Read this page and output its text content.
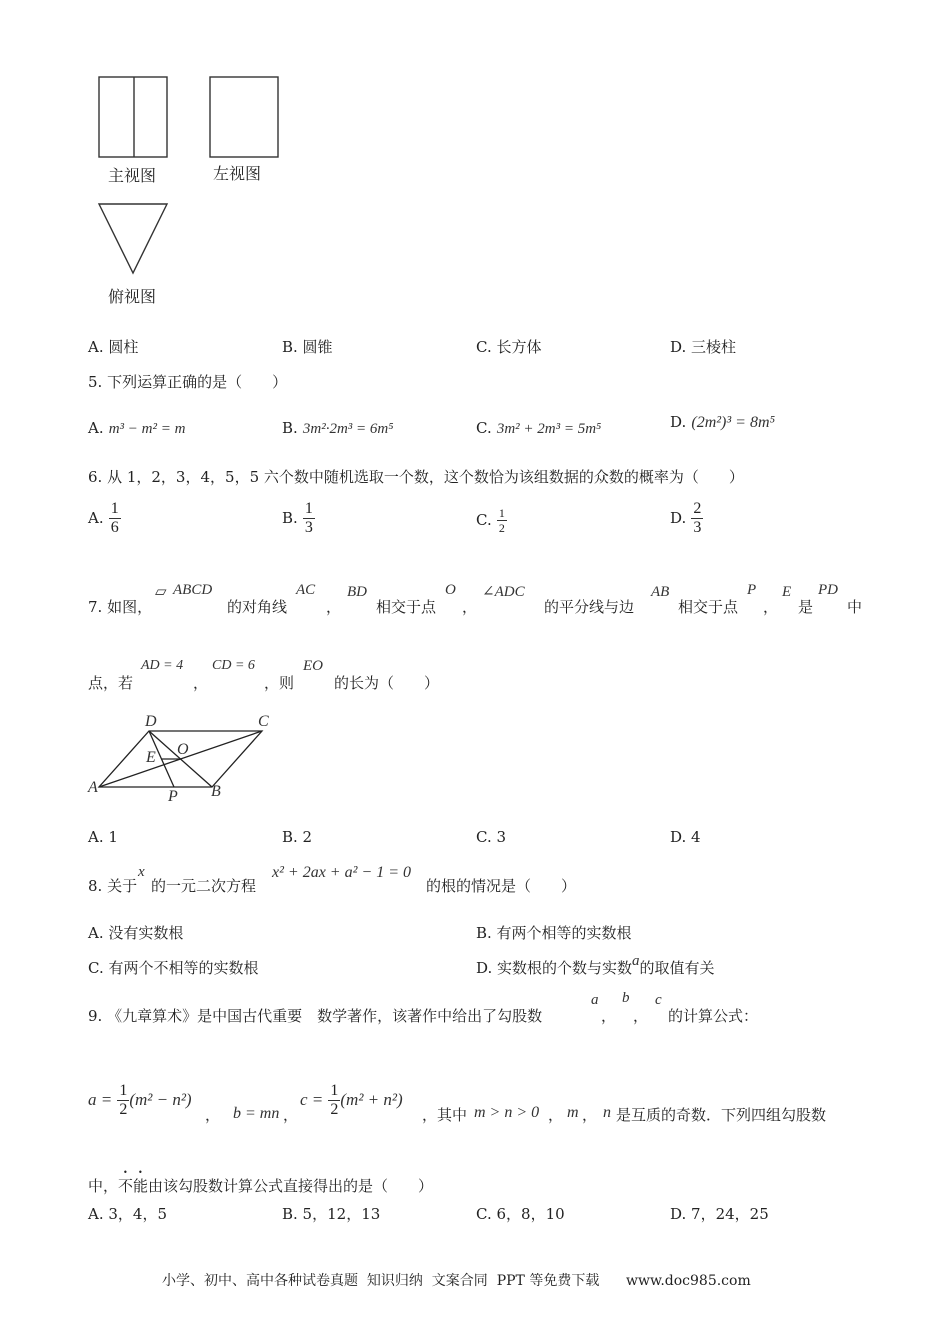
主视图	左视图
俯视图
A. 圆柱	B. 圆锥	C. 长方体	D. 三棱柱
5. 下列运算正确的是（　　）
A. m³ − m² = m	B. 3m²·2m³ = 6m⁵	C. 3m² + 2m³ = 5m⁵	D. (2m²)³ = 8m⁵
6. 从 1，2，3，4，5，5 六个数中随机选取一个数，这个数恰为该组数据的众数的概率为（　　）
A. $\frac{1}{6}$	B. $\frac{1}{3}$	C. $\frac{1}{2}$	D. $\frac{2}{3}$
7. 如图，
▱ ABCD
的对角线
AC
，
BD
相交于点
O
，
∠ADC
的平分线与边
AB
相交于点
P
，
E
是
PD
中
点，若
AD = 4
，
CD = 6
，则
EO
的长为（　　）
D	C
O
E
A
P B
A. 1	B. 2	C. 3	D. 4
8. 关于
x
的一元二次方程
x² + 2ax + a² − 1 = 0
的根的情况是（　　）
A. 没有实数根	B. 有两个相等的实数根
C. 有两个不相等的实数根	D. 实数根的个数与实数a的取值有关
9. 《九章算术》是中国古代重要　数学著作，该著作中给出了勾股数
a
，
b
，
c
的计算公式：
$a = \frac{1}{2} (m^2 - n^2)$
， b = mn ，
$c = \frac{1}{2} (m^2 + n^2)$
，其中 m > n > 0 ， m ， n 是互质的奇数．下列四组勾股数
中，不能由该勾股数计算公式直接得出的是（　　）
A. 3，4，5	B. 5，12，13	C. 6，8，10	D. 7，24，25
小学、初中、高中各种试卷真题  知识归纳  文案合同  PPT 等免费下载      www.doc985.com
